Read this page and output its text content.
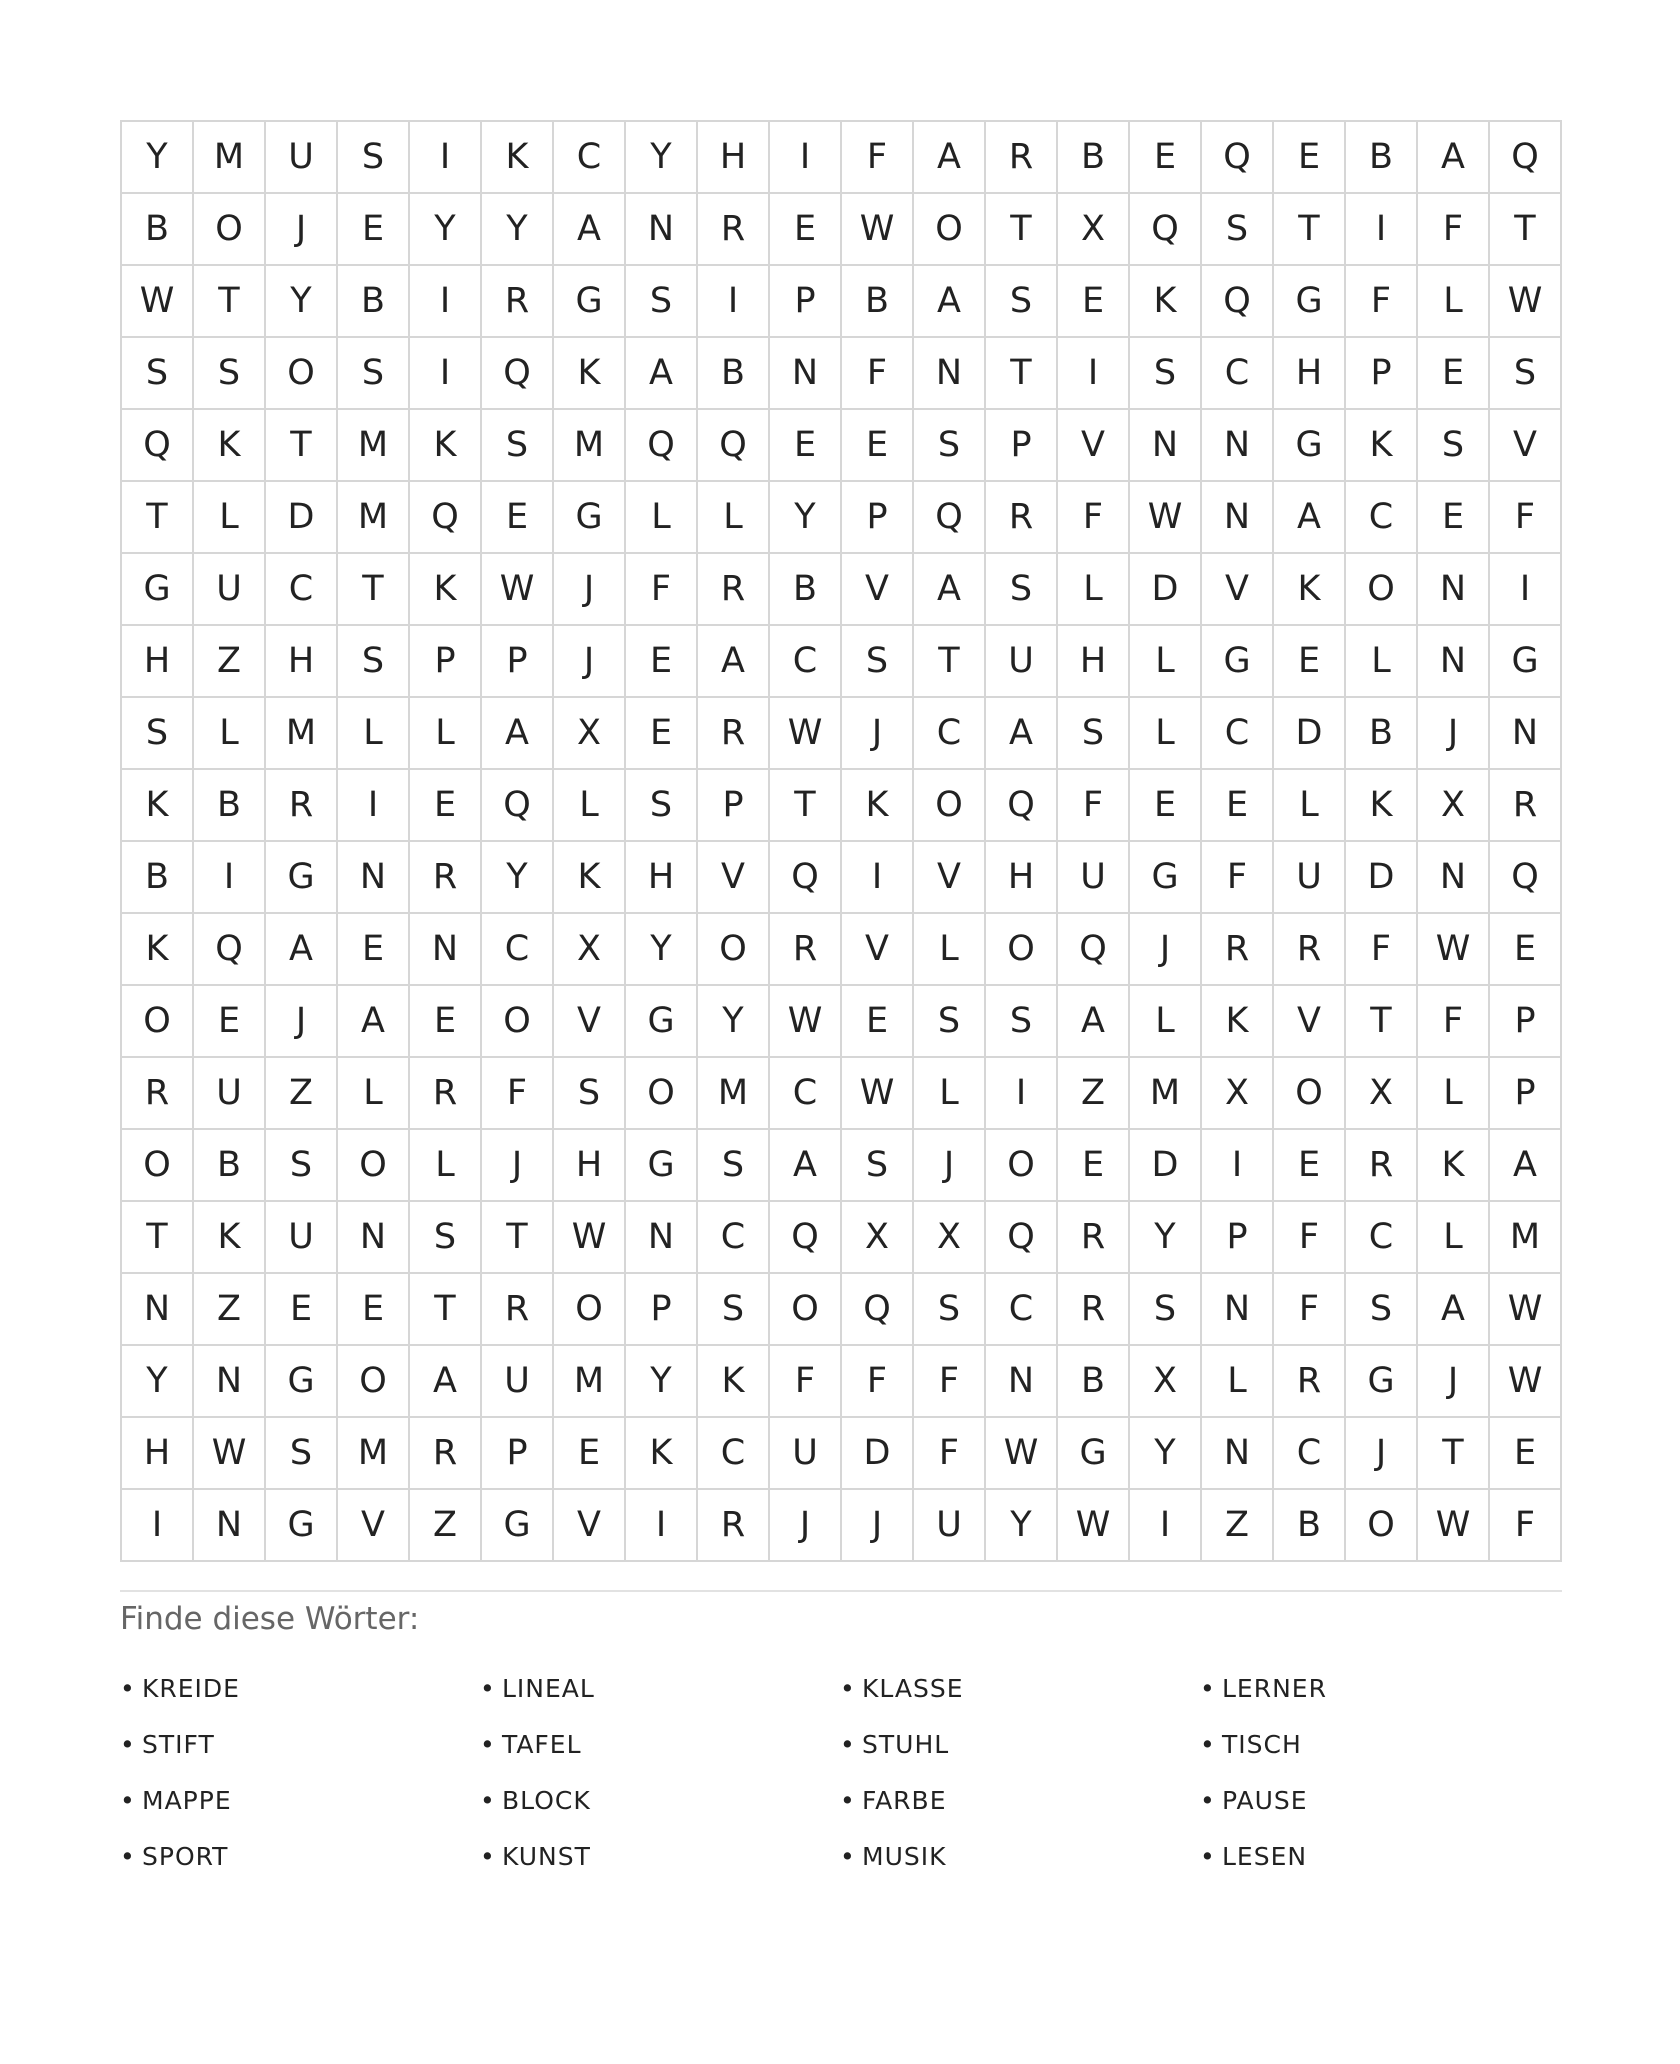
Y	M	U	S	I	K	C	Y	H	I	F	A	R	B	E	Q	E	B	A	Q
B	O	J	E	Y	Y	A	N	R	E	W	O	T	X	Q	S	T	I	F	T
W	T	Y	B	I	R	G	S	I	P	B	A	S	E	K	Q	G	F	L	W
S	S	O	S	I	Q	K	A	B	N	F	N	T	I	S	C	H	P	E	S
Q	K	T	M	K	S	M	Q	Q	E	E	S	P	V	N	N	G	K	S	V
T	L	D	M	Q	E	G	L	L	Y	P	Q	R	F	W	N	A	C	E	F
G	U	C	T	K	W	J	F	R	B	V	A	S	L	D	V	K	O	N	I
H	Z	H	S	P	P	J	E	A	C	S	T	U	H	L	G	E	L	N	G
S	L	M	L	L	A	X	E	R	W	J	C	A	S	L	C	D	B	J	N
K	B	R	I	E	Q	L	S	P	T	K	O	Q	F	E	E	L	K	X	R
B	I	G	N	R	Y	K	H	V	Q	I	V	H	U	G	F	U	D	N	Q
K	Q	A	E	N	C	X	Y	O	R	V	L	O	Q	J	R	R	F	W	E
O	E	J	A	E	O	V	G	Y	W	E	S	S	A	L	K	V	T	F	P
R	U	Z	L	R	F	S	O	M	C	W	L	I	Z	M	X	O	X	L	P
O	B	S	O	L	J	H	G	S	A	S	J	O	E	D	I	E	R	K	A
T	K	U	N	S	T	W	N	C	Q	X	X	Q	R	Y	P	F	C	L	M
N	Z	E	E	T	R	O	P	S	O	Q	S	C	R	S	N	F	S	A	W
Y	N	G	O	A	U	M	Y	K	F	F	F	N	B	X	L	R	G	J	W
H	W	S	M	R	P	E	K	C	U	D	F	W	G	Y	N	C	J	T	E
I	N	G	V	Z	G	V	I	R	J	J	U	Y	W	I	Z	B	O	W	F
Finde diese Wörter:
• KREIDE	• LINEAL	• KLASSE	• LERNER
• STIFT	• TAFEL	• STUHL	• TISCH
• MAPPE	• BLOCK	• FARBE	• PAUSE
• SPORT	• KUNST	• MUSIK	• LESEN
